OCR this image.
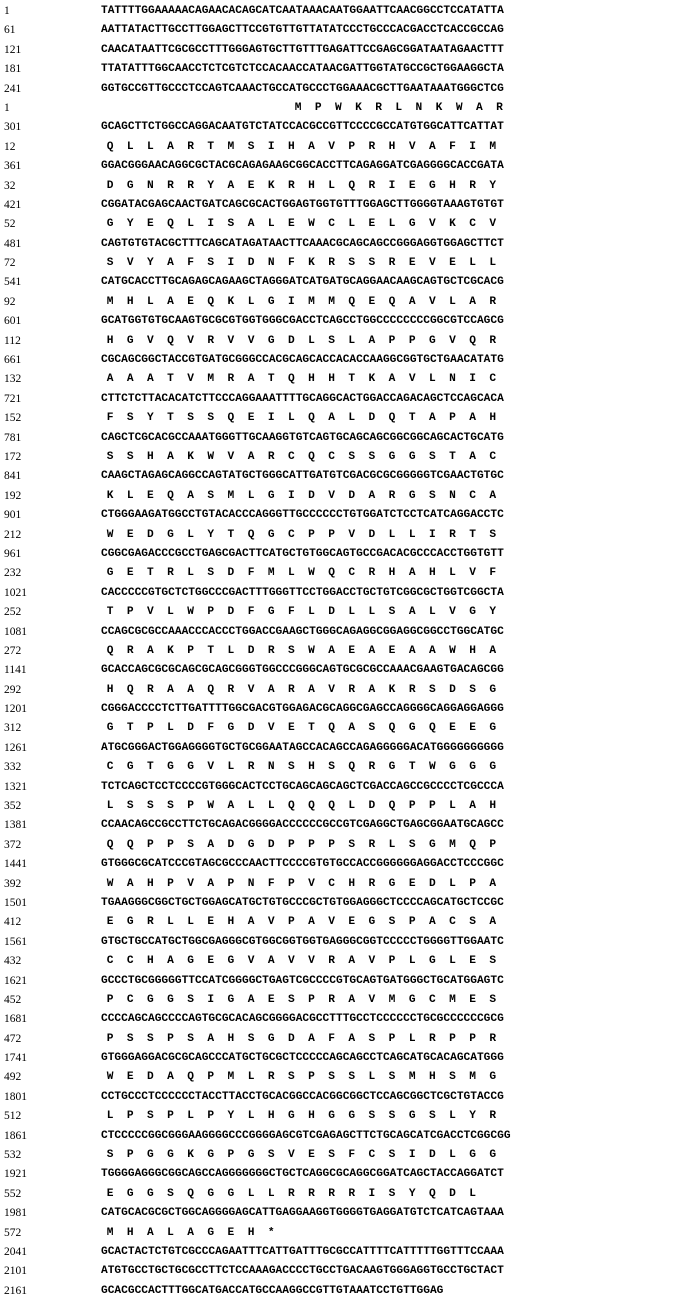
1	TATTTTGGAAAAACAGAACACAGCATCAATAAACAATGGAATTCAACGGCCTCCATATTA
61	AATTATACTTGCCTTGGAGCTTCCGTGTTGTTATATCCCTGCCCACGACCTCACCGCCAG
121	CAACATAATTCGCGCCTTTGGGAGTGCTTGTTTGAGATTCCGAGCGGATAATAGAACTTT
181	TTATATTTGGCAACCTCTCGTCTCCACAACCATAACGATTGGTATGCCGCTGGAAGGCTA
241	GGTGCCGTTGCCCTCCAGTCAAACTGCCATGCCCTGGAAACGCTTGAATAAATGGGCTCG
1	M  P  W  K  R  L  N  K  W  A  R
301	GCAGCTTCTGGCCAGGACAATGTCTATCCACGCCGTTCCCCGCCATGTGGCATTCATTAT
12	Q  L  L  A  R  T  M  S  I  H  A  V  P  R  H  V  A  F  I  M
361	GGACGGGAACAGGCGCTACGCAGAGAAGCGGCACCTTCAGAGGATCGAGGGGCACCGATA
32	D  G  N  R  R  Y  A  E  K  R  H  L  Q  R  I  E  G  H  R  Y
421	CGGATACGAGCAACTGATCAGCGCACTGGAGTGGTGTTTGGAGCTTGGGGTAAAGTGTGT
52	G  Y  E  Q  L  I  S  A  L  E  W  C  L  E  L  G  V  K  C  V
481	CAGTGTGTACGCTTTCAGCATAGATAACTTCAAACGCAGCAGCCGGGAGGTGGAGCTTCT
72	S  V  Y  A  F  S  I  D  N  F  K  R  S  S  R  E  V  E  L  L
541	CATGCACCTTGCAGAGCAGAAGCTAGGGATCATGATGCAGGAACAAGCAGTGCTCGCACG
92	M  H  L  A  E  Q  K  L  G  I  M  M  Q  E  Q  A  V  L  A  R
601	GCATGGTGTGCAAGTGCGCGTGGTGGGCGACCTCAGCCTGGCCCCCCCCGGCGTCCAGCG
112	H  G  V  Q  V  R  V  V  G  D  L  S  L  A  P  P  G  V  Q  R
661	CGCAGCGGCTACCGTGATGCGGGCCACGCAGCACCACACCAAGGCGGTGCTGAACATATG
132	A  A  A  T  V  M  R  A  T  Q  H  H  T  K  A  V  L  N  I  C
721	CTTCTCTTACACATCTTCCCAGGAAATTTTGCAGGCACTGGACCAGACAGCTCCAGCACA
152	F  S  Y  T  S  S  Q  E  I  L  Q  A  L  D  Q  T  A  P  A  H
781	CAGCTCGCACGCCAAATGGGTTGCAAGGTGTCAGTGCAGCAGCGGCGGCAGCACTGCATG
172	S  S  H  A  K  W  V  A  R  C  Q  C  S  S  G  G  S  T  A  C
841	CAAGCTAGAGCAGGCCAGTATGCTGGGCATTGATGTCGACGCGCGGGGGTCGAACTGTGC
192	K  L  E  Q  A  S  M  L  G  I  D  V  D  A  R  G  S  N  C  A
901	CTGGGAAGATGGCCTGTACACCCAGGGTTGCCCCCCTGTGGATCTCCTCATCAGGACCTC
212	W  E  D  G  L  Y  T  Q  G  C  P  P  V  D  L  L  I  R  T  S
961	CGGCGAGACCCGCCTGAGCGACTTCATGCTGTGGCAGTGCCGACACGCCCACCTGGTGTT
232	G  E  T  R  L  S  D  F  M  L  W  Q  C  R  H  A  H  L  V  F
1021	CACCCCCGTGCTCTGGCCCGACTTTGGGTTCCTGGACCTGCTGTCGGCGCTGGTCGGCTA
252	T  P  V  L  W  P  D  F  G  F  L  D  L  L  S  A  L  V  G  Y
1081	CCAGCGCGCCAAACCCACCCTGGACCGAAGCTGGGCAGAGGCGGAGGCGGCCTGGCATGC
272	Q  R  A  K  P  T  L  D  R  S  W  A  E  A  E  A  A  W  H  A
1141	GCACCAGCGCGCAGCGCAGCGGGTGGCCCGGGCAGTGCGCGCCAAACGAAGTGACAGCGG
292	H  Q  R  A  A  Q  R  V  A  R  A  V  R  A  K  R  S  D  S  G
1201	CGGGACCCCTCTTGATTTTGGCGACGTGGAGACGCAGGCGAGCCAGGGGCAGGAGGAGGG
312	G  T  P  L  D  F  G  D  V  E  T  Q  A  S  Q  G  Q  E  E  G
1261	ATGCGGGACTGGAGGGGTGCTGCGGAATAGCCACAGCCAGAGGGGGACATGGGGGGGGGG
332	C  G  T  G  G  V  L  R  N  S  H  S  Q  R  G  T  W  G  G  G
1321	TCTCAGCTCCTCCCCGTGGGCACTCCTGCAGCAGCAGCTCGACCAGCCGCCCCTCGCCCA
352	L  S  S  S  P  W  A  L  L  Q  Q  Q  L  D  Q  P  P  L  A  H
1381	CCAACAGCCGCCTTCTGCAGACGGGGACCCCCCGCCGTCGAGGCTGAGCGGAATGCAGCC
372	Q  Q  P  P  S  A  D  G  D  P  P  P  S  R  L  S  G  M  Q  P
1441	GTGGGCGCATCCCGTAGCGCCCAACTTCCCCGTGTGCCACCGGGGGGAGGACCTCCCGGC
392	W  A  H  P  V  A  P  N  F  P  V  C  H  R  G  E  D  L  P  A
1501	TGAAGGGCGGCTGCTGGAGCATGCTGTGCCCGCTGTGGAGGGCTCCCCAGCATGCTCCGC
412	E  G  R  L  L  E  H  A  V  P  A  V  E  G  S  P  A  C  S  A
1561	GTGCTGCCATGCTGGCGAGGGCGTGGCGGTGGTGAGGGCGGTCCCCCTGGGGTTGGAATC
432	C  C  H  A  G  E  G  V  A  V  V  R  A  V  P  L  G  L  E  S
1621	GCCCTGCGGGGGTTCCATCGGGGCTGAGTCGCCCCGTGCAGTGATGGGCTGCATGGAGTC
452	P  C  G  G  S  I  G  A  E  S  P  R  A  V  M  G  C  M  E  S
1681	CCCCAGCAGCCCCAGTGCGCACAGCGGGGACGCCTTTGCCTCCCCCCTGCGCCCCCCGCG
472	P  S  S  P  S  A  H  S  G  D  A  F  A  S  P  L  R  P  P  R
1741	GTGGGAGGACGCGCAGCCCATGCTGCGCTCCCCCAGCAGCCTCAGCATGCACAGCATGGG
492	W  E  D  A  Q  P  M  L  R  S  P  S  S  L  S  M  H  S  M  G
1801	CCTGCCCTCCCCCCTACCTTACCTGCACGGCCACGGCGGCTCCAGCGGCTCGCTGTACCG
512	L  P  S  P  L  P  Y  L  H  G  H  G  G  S  S  G  S  L  Y  R
1861	CTCCCCCGGCGGGAAGGGGCCCGGGGAGCGTCGAGAGCTTCTGCAGCATCGACCTCGGCGG
532	S  P  G  G  K  G  P  G  S  V  E  S  F  C  S  I  D  L  G  G
1921	TGGGGAGGGCGGCAGCCAGGGGGGGCTGCTCAGGCGCAGGCGGATCAGCTACCAGGATCT
552	E  G  G  S  Q  G  G  L  L  R  R  R  R  I  S  Y  Q  D  L
1981	CATGCACGCGCTGGCAGGGGAGCATTGAGGAAGGTGGGGTGAGGATGTCTCATCAGTAAA
572	M  H  A  L  A  G  E  H  *
2041	GCACTACTCTGTCGCCCAGAATTTCATTGATTTGCGCCATTTTCATTTTTGGTTTCCAAA
2101	ATGTGCCTGCTGCGCCTTCTCCAAAGACCCCTGCCTGACAAGTGGGAGGTGCCTGCTACT
2161	GCACGCCACTTTGGCATGACCATGCCAAGGCCGTTGTAAATCCTGTTGGAG
